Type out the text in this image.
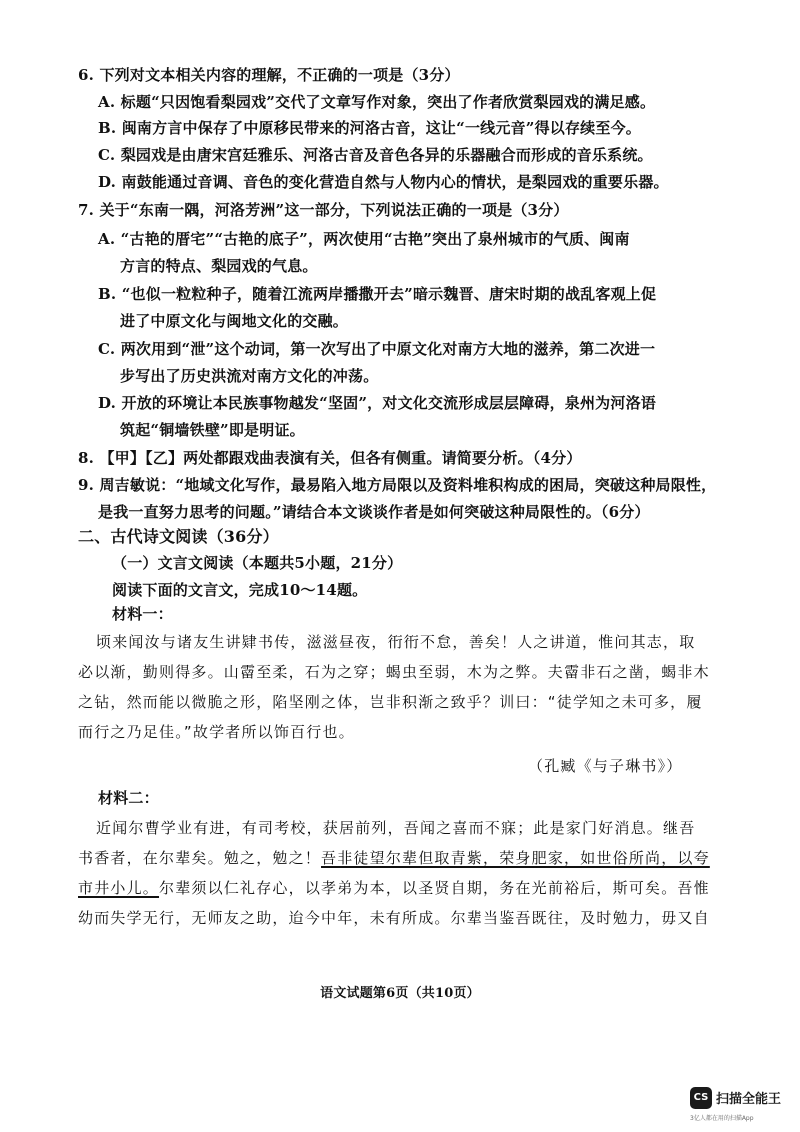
6. 下列对文本相关内容的理解，不正确的一项是（3分）
A. 标题“只因饱看梨园戏”交代了文章写作对象，突出了作者欣赏梨园戏的满足感。
B. 闽南方言中保存了中原移民带来的河洛古音，这让“一线元音”得以存续至今。
C. 梨园戏是由唐宋宫廷雅乐、河洛古音及音色各异的乐器融合而形成的音乐系统。
D. 南鼓能通过音调、音色的变化营造自然与人物内心的情状，是梨园戏的重要乐器。
7. 关于“东南一隅，河洛芳洲”这一部分，下列说法正确的一项是（3分）
A. “古艳的厝宅”“古艳的底子”，两次使用“古艳”突出了泉州城市的气质、闽南
方言的特点、梨园戏的气息。
B. “也似一粒粒种子，随着江流两岸播撒开去”暗示魏晋、唐宋时期的战乱客观上促
进了中原文化与闽地文化的交融。
C. 两次用到“泄”这个动词，第一次写出了中原文化对南方大地的滋养，第二次进一
步写出了历史洪流对南方文化的冲荡。
D. 开放的环境让本民族事物越发“坚固”，对文化交流形成层层障碍，泉州为河洛语
筑起“铜墙铁壁”即是明证。
8. 【甲】【乙】两处都跟戏曲表演有关，但各有侧重。请简要分析。（4分）
9. 周吉敏说：“地域文化写作，最易陷入地方局限以及资料堆积构成的困局，突破这种局限性，
是我一直努力思考的问题。”请结合本文谈谈作者是如何突破这种局限性的。（6分）
二、古代诗文阅读（36分）
（一）文言文阅读（本题共5小题，21分）
阅读下面的文言文，完成10～14题。
材料一：
顷来闻汝与诸友生讲肄书传，滋滋昼夜，衎衎不怠，善矣！人之讲道，惟问其志，取
必以渐，勤则得多。山霤至柔，石为之穿；蝎虫至弱，木为之弊。夫霤非石之凿，蝎非木
之钻，然而能以微脆之形，陷坚刚之体，岂非积渐之致乎？训曰：“徒学知之未可多，履
而行之乃足佳。”故学者所以饰百行也。
（孔臧《与子琳书》）
材料二：
近闻尔曹学业有进，有司考校，获居前列，吾闻之喜而不寐；此是家门好消息。继吾
书香者，在尔辈矣。勉之，勉之！吾非徒望尔辈但取青紫，荣身肥家，如世俗所尚，以夸
市井小儿。尔辈须以仁礼存心，以孝弟为本，以圣贤自期，务在光前裕后，斯可矣。吾惟
幼而失学无行，无师友之助，迨今中年，未有所成。尔辈当鉴吾既往，及时勉力，毋又自
语文试题第6页（共10页）
CS 扫描全能王
3亿人都在用的扫描App
